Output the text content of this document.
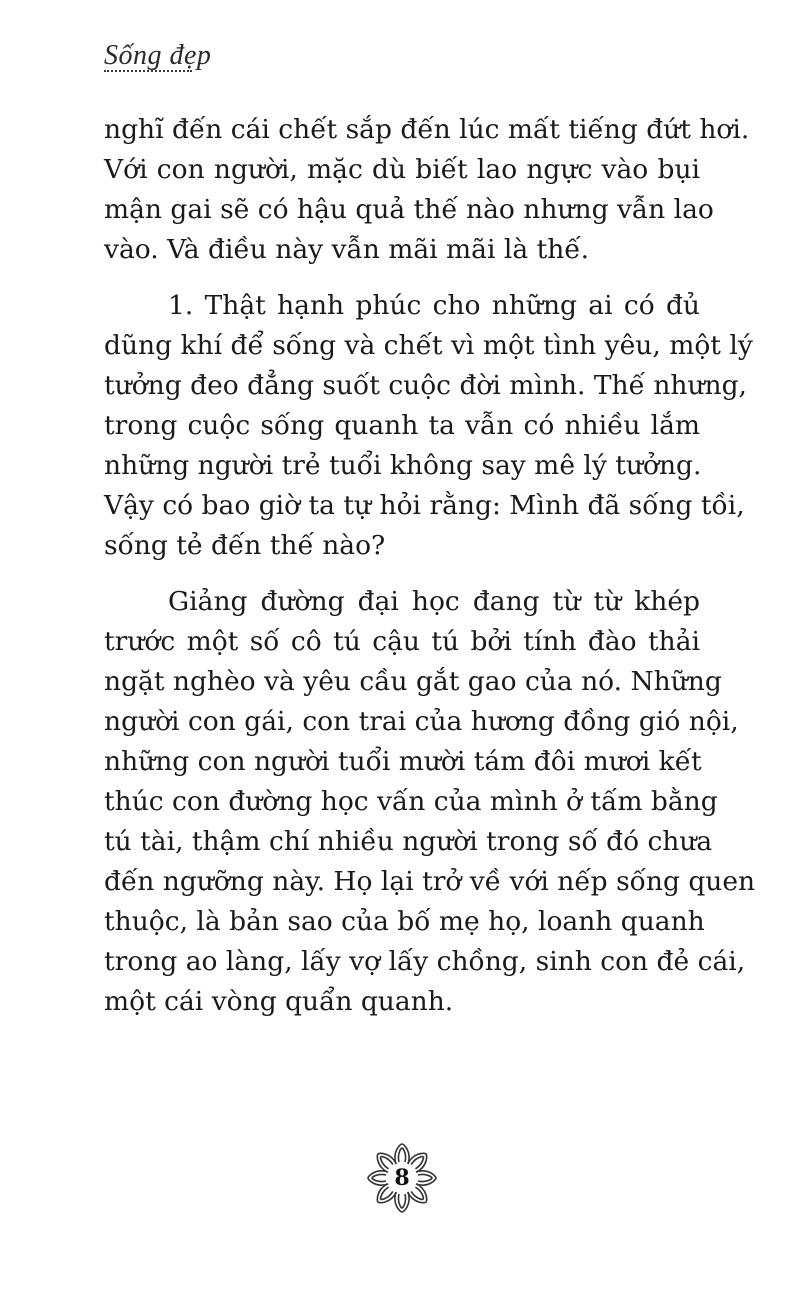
Sống đẹp
nghĩ đến cái chết sắp đến lúc mất tiếng đứt hơi.
Với con người, mặc dù biết lao ngực vào bụi
mận gai sẽ có hậu quả thế nào nhưng vẫn lao
vào. Và điều này vẫn mãi mãi là thế.
1. Thật hạnh phúc cho những ai có đủ
dũng khí để sống và chết vì một tình yêu, một lý
tưởng đeo đẳng suốt cuộc đời mình. Thế nhưng,
trong cuộc sống quanh ta vẫn có nhiều lắm
những người trẻ tuổi không say mê lý tưởng.
Vậy có bao giờ ta tự hỏi rằng: Mình đã sống tồi,
sống tẻ đến thế nào?
Giảng đường đại học đang từ từ khép
trước một số cô tú cậu tú bởi tính đào thải
ngặt nghèo và yêu cầu gắt gao của nó. Những
người con gái, con trai của hương đồng gió nội,
những con người tuổi mười tám đôi mươi kết
thúc con đường học vấn của mình ở tấm bằng
tú tài, thậm chí nhiều người trong số đó chưa
đến ngưỡng này. Họ lại trở về với nếp sống quen
thuộc, là bản sao của bố mẹ họ, loanh quanh
trong ao làng, lấy vợ lấy chồng, sinh con đẻ cái,
một cái vòng quẩn quanh.
8
